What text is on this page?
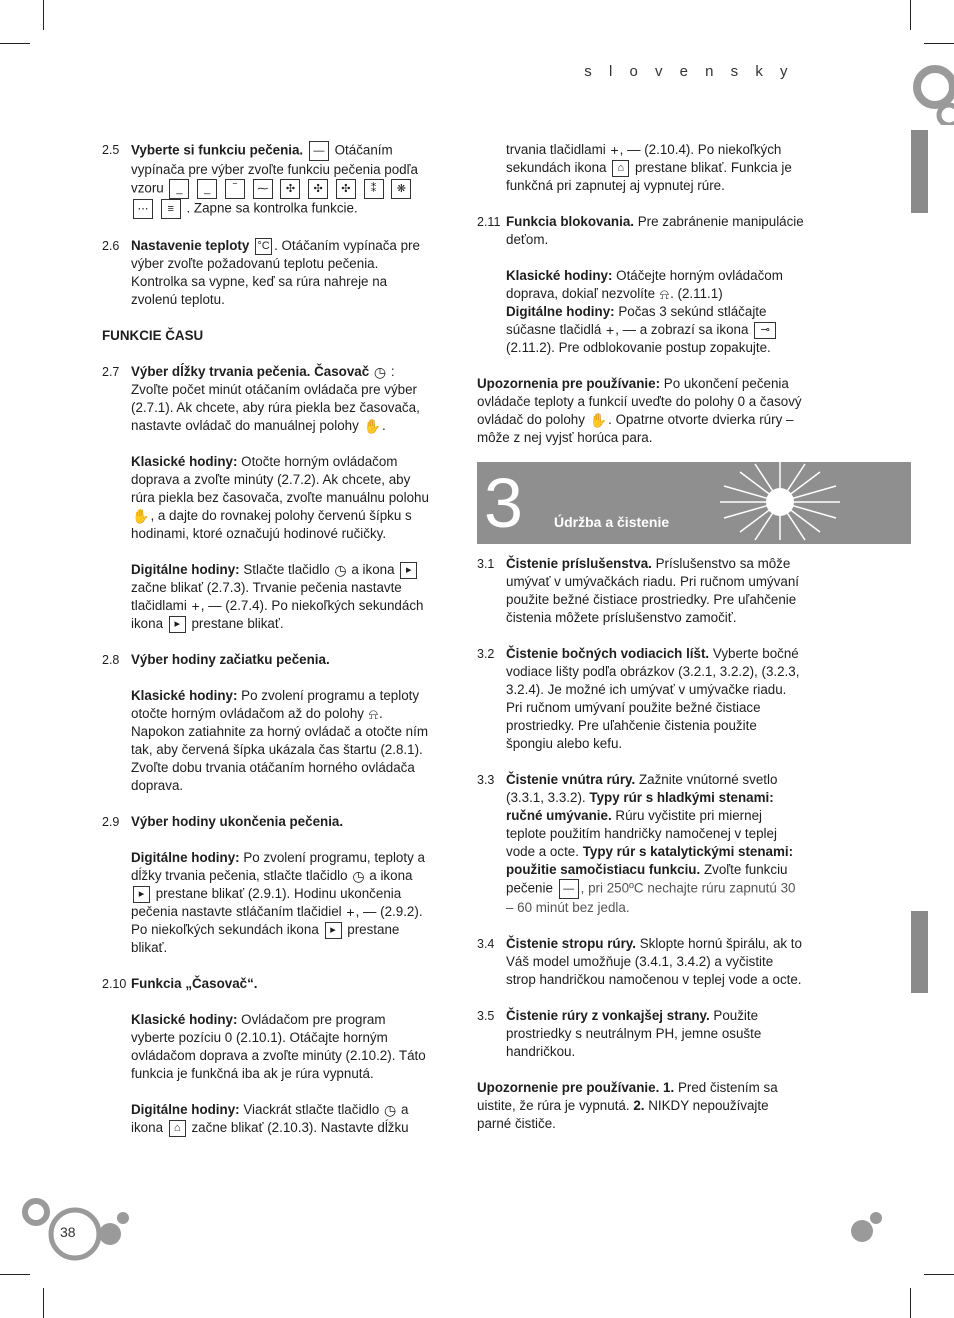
s l o v e n s k y
38
2.5 Vyberte si funkciu pečenia. — Otáčaním vypínača pre výber zvoľte funkciu pečenia podľa vzoru	_
	_
	‾
	⁓
	✣
	✣
	✣
	⁑
	❋

⋯
	≡ . Zapne sa kontrolka funkcie.
2.6 Nastavenie teploty °C . Otáčaním vypínača pre výber zvoľte požadovanú teplotu pečenia. Kontrolka sa vypne, keď sa rúra nahreje na zvolenú teplotu.
FUNKCIE ČASU
2.7 Výber dĺžky trvania pečenia. Časovač ◷ : Zvoľte počet minút otáčaním ovládača pre výber (2.7.1). Ak chcete, aby rúra piekla bez časovača, nastavte ovládač do manuálnej polohy ✋.
Klasické hodiny: Otočte horným ovládačom doprava a zvoľte minúty (2.7.2). Ak chcete, aby rúra piekla bez časovača, zvoľte manuálnu polohu ✋, a dajte do rovnakej polohy červenú šípku s hodinami, ktoré označujú hodinové ručičky.
Digitálne hodiny: Stlačte tlačidlo ◷ a ikona	▸
začne blikať (2.7.3). Trvanie pečenia nastavte tlačidlami +, — (2.7.4). Po niekoľkých sekundách ikona	▸ prestane blikať.
2.8 Výber hodiny začiatku pečenia.
Klasické hodiny: Po zvolení programu a teploty otočte horným ovládačom až do polohy ⍾. Napokon zatiahnite za horný ovládač a otočte ním tak, aby červená šípka ukázala čas štartu (2.8.1). Zvoľte dobu trvania otáčaním horného ovládača doprava.
2.9 Výber hodiny ukončenia pečenia.
Digitálne hodiny: Po zvolení programu, teploty a dĺžky trvania pečenia, stlačte tlačidlo ◷ a ikona
▸ prestane blikať (2.9.1). Hodinu ukončenia pečenia nastavte stláčaním tlačidiel +, — (2.9.2). Po niekoľkých sekundách ikona	▸ prestane blikať.
2.10 Funkcia „Časovač“.
Klasické hodiny: Ovládačom pre program vyberte pozíciu 0 (2.10.1). Otáčajte horným ovládačom doprava a zvoľte minúty (2.10.2). Táto funkcia je funkčná iba ak je rúra vypnutá.
Digitálne hodiny: Viackrát stlačte tlačidlo ◷ a ikona ⌂ začne blikať (2.10.3). Nastavte dĺžku
trvania tlačidlami +, — (2.10.4). Po niekoľkých sekundách ikona ⌂ prestane blikať. Funkcia je funkčná pri zapnutej aj vypnutej rúre.
2.11 Funkcia blokovania. Pre zabránenie manipulácie deťom.
Klasické hodiny: Otáčejte horným ovládačom doprava, dokiaľ nezvolíte ⍾. (2.11.1)
Digitálne hodiny: Počas 3 sekúnd stláčajte súčasne tlačidlá +, — a zobrazí sa ikona	⊸
(2.11.2). Pre odblokovanie postup zopakujte.
Upozornenia pre používanie: Po ukončení pečenia ovládače teploty a funkcií uveďte do polohy 0 a časový ovládač do polohy ✋. Opatrne otvorte dvierka rúry – môže z nej vyjsť horúca para.
3 Údržba a čistenie
3.1 Čistenie príslušenstva. Príslušenstvo sa môže umývať v umývačkách riadu. Pri ručnom umývaní použite bežné čistiace prostriedky. Pre uľahčenie čistenia môžete príslušenstvo zamočiť.
3.2 Čistenie bočných vodiacich líšt. Vyberte bočné vodiace lišty podľa obrázkov (3.2.1, 3.2.2), (3.2.3, 3.2.4). Je možné ich umývať v umývačke riadu. Pri ručnom umývaní použite bežné čistiace prostriedky. Pre uľahčenie čistenia použite špongiu alebo kefu.
3.3 Čistenie vnútra rúry. Zažnite vnútorné svetlo (3.3.1, 3.3.2). Typy rúr s hladkými stenami: ručné umývanie. Rúru vyčistite pri miernej teplote použitím handričky namočenej v teplej vode a octe. Typy rúr s katalytickými stenami: použitie samočistiacu funkciu. Zvoľte funkciu pečenie — , pri 250ºC nechajte rúru zapnutú 30 – 60 minút bez jedla.
3.4 Čistenie stropu rúry. Sklopte hornú špirálu, ak to Váš model umožňuje (3.4.1, 3.4.2) a vyčistite strop handričkou namočenou v teplej vode a octe.
3.5 Čistenie rúry z vonkajšej strany. Použite prostriedky s neutrálnym PH, jemne osušte handričkou.
Upozornenie pre používanie. 1. Pred čistením sa uistite, že rúra je vypnutá. 2. NIKDY nepoužívajte parné čističe.
